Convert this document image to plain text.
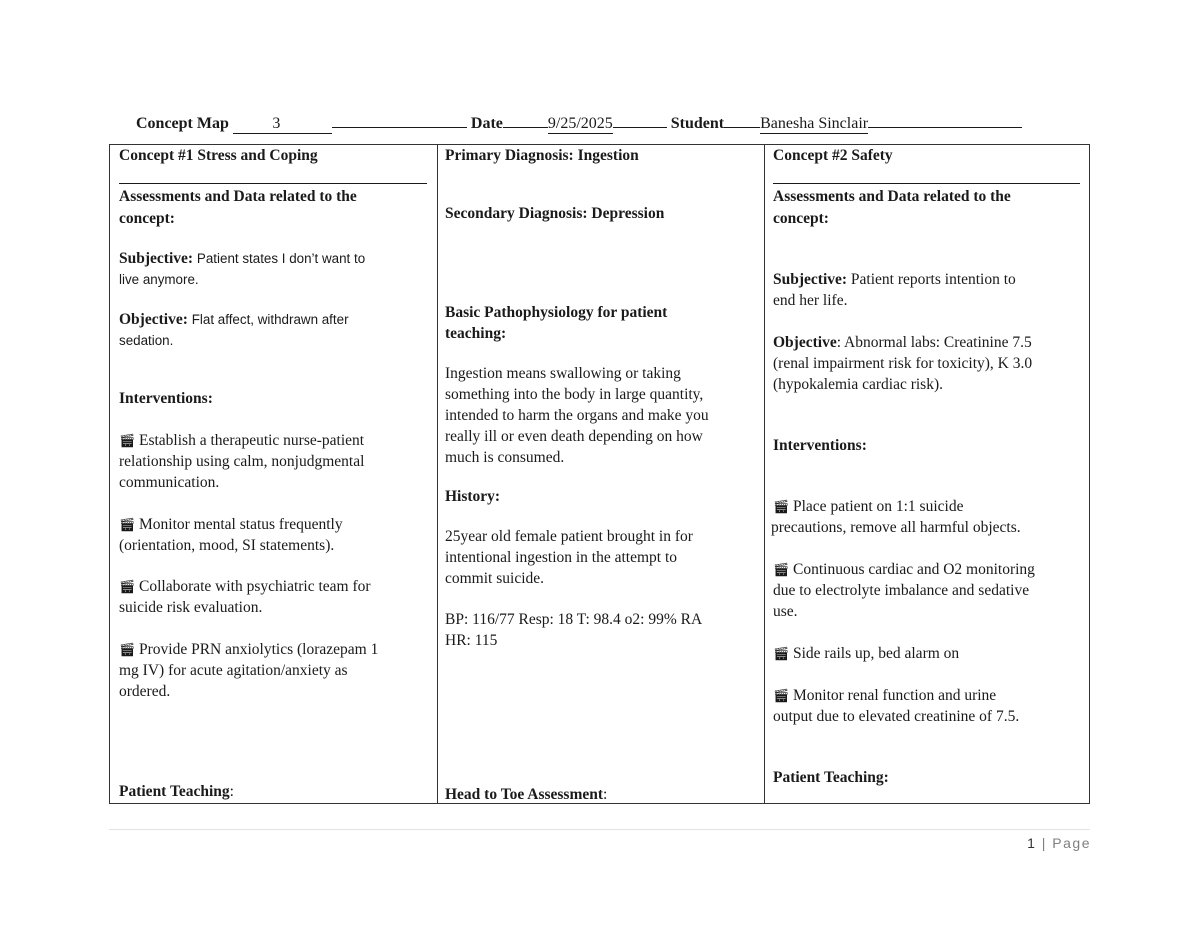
Concept Map	3	Date	9/25/2025	Student Banesha Sinclair
Concept #1 Stress and Coping
Assessments and Data related to the
concept:
Subjective: Patient states I don’t want to
live anymore.
Objective: Flat affect, withdrawn after
sedation.
Interventions:
🎬︎ Establish a therapeutic nurse-patient
relationship using calm, nonjudgmental
communication.
🎬︎ Monitor mental status frequently
(orientation, mood, SI statements).
🎬︎ Collaborate with psychiatric team for
suicide risk evaluation.
🎬︎ Provide PRN anxiolytics (lorazepam 1
mg IV) for acute agitation/anxiety as
ordered.
Patient Teaching:
Primary Diagnosis: Ingestion
Secondary Diagnosis: Depression
Basic Pathophysiology for patient
teaching:
Ingestion means swallowing or taking
something into the body in large quantity,
intended to harm the organs and make you
really ill or even death depending on how
much is consumed.
History:
25year old female patient brought in for
intentional ingestion in the attempt to
commit suicide.
BP: 116/77 Resp: 18 T: 98.4 o2: 99% RA
HR: 115
Head to Toe Assessment:
Concept #2 Safety
Assessments and Data related to the
concept:
Subjective: Patient reports intention to
end her life.
Objective: Abnormal labs: Creatinine 7.5
(renal impairment risk for toxicity), K 3.0
(hypokalemia cardiac risk).
Interventions:
🎬︎ Place patient on 1:1 suicide
precautions, remove all harmful objects.
🎬︎ Continuous cardiac and O2 monitoring
due to electrolyte imbalance and sedative
use.
🎬︎ Side rails up, bed alarm on
🎬︎ Monitor renal function and urine
output due to elevated creatinine of 7.5.
Patient Teaching:
1 | Page
